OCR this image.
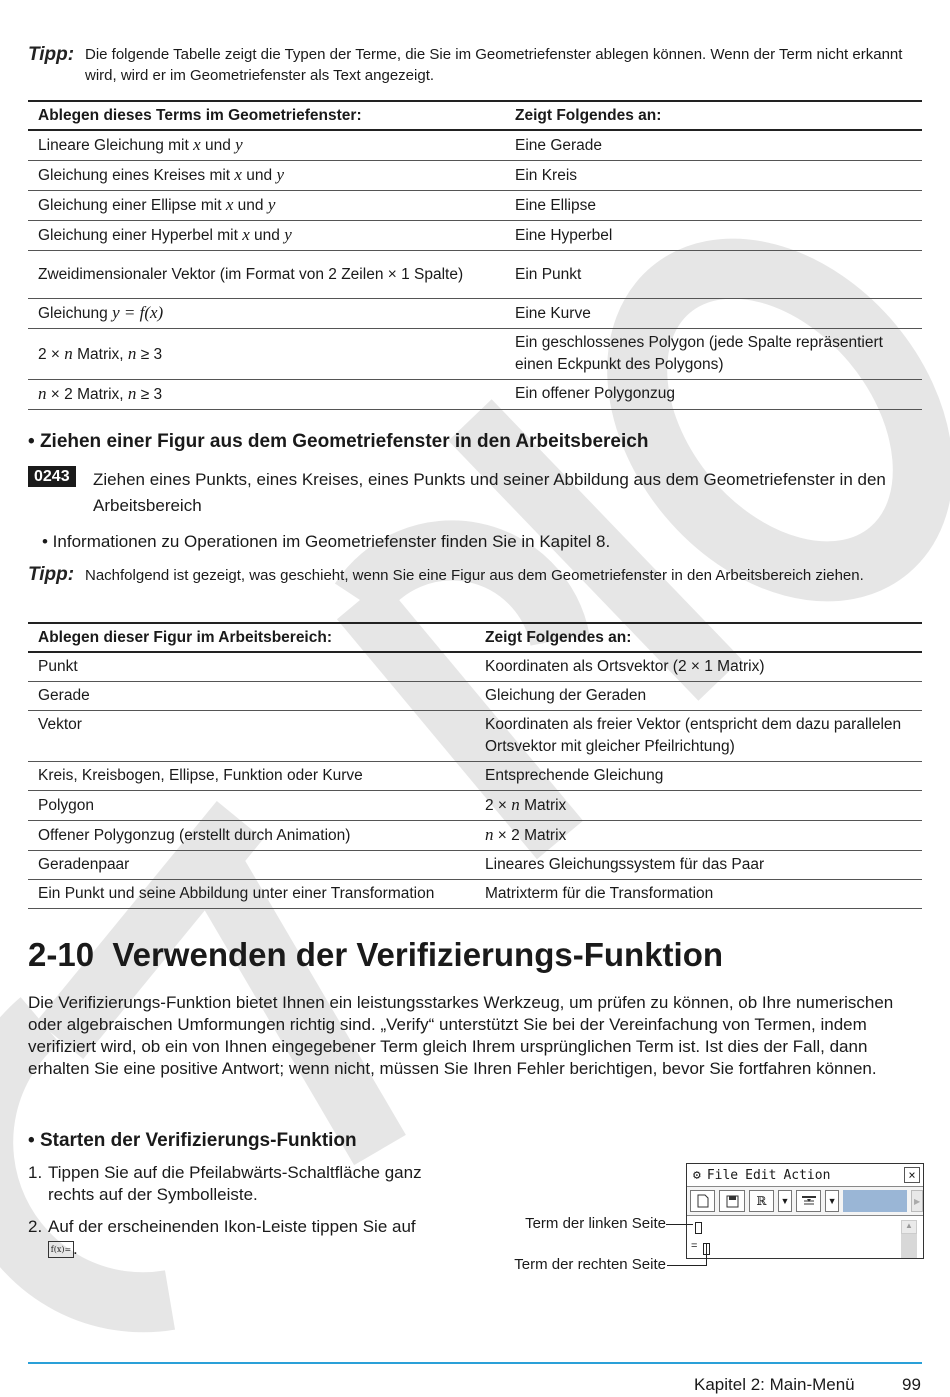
Tipp: Die folgende Tabelle zeigt die Typen der Terme, die Sie im Geometriefenster ablegen können. Wenn der Term nicht erkannt wird, wird er im Geometriefenster als Text angezeigt.
Ablegen dieses Terms im Geometriefenster:	Zeigt Folgendes an:
Lineare Gleichung mit x und y	Eine Gerade
Gleichung eines Kreises mit x und y	Ein Kreis
Gleichung einer Ellipse mit x und y	Eine Ellipse
Gleichung einer Hyperbel mit x und y	Eine Hyperbel
Zweidimensionaler Vektor (im Format von 2 Zeilen × 1 Spalte)	Ein Punkt
Gleichung y = f(x)	Eine Kurve
2 × n Matrix, n ≥ 3	Ein geschlossenes Polygon (jede Spalte repräsentiert einen Eckpunkt des Polygons)
n × 2 Matrix, n ≥ 3	Ein offener Polygonzug
• Ziehen einer Figur aus dem Geometriefenster in den Arbeitsbereich
0243	Ziehen eines Punkts, eines Kreises, eines Punkts und seiner Abbildung aus dem Geometriefenster in den Arbeitsbereich
• Informationen zu Operationen im Geometriefenster finden Sie in Kapitel 8.
Tipp: Nachfolgend ist gezeigt, was geschieht, wenn Sie eine Figur aus dem Geometriefenster in den Arbeitsbereich ziehen.
Ablegen dieser Figur im Arbeitsbereich:	Zeigt Folgendes an:
Punkt	Koordinaten als Ortsvektor (2 × 1 Matrix)
Gerade	Gleichung der Geraden
Vektor	Koordinaten als freier Vektor (entspricht dem dazu parallelen Ortsvektor mit gleicher Pfeilrichtung)
Kreis, Kreisbogen, Ellipse, Funktion oder Kurve	Entsprechende Gleichung
Polygon	2 × n Matrix
Offener Polygonzug (erstellt durch Animation)	n × 2 Matrix
Geradenpaar	Lineares Gleichungssystem für das Paar
Ein Punkt und seine Abbildung unter einer Transformation	Matrixterm für die Transformation
2-10 Verwenden der Verifizierungs-Funktion
Die Verifizierungs-Funktion bietet Ihnen ein leistungsstarkes Werkzeug, um prüfen zu können, ob Ihre numerischen oder algebraischen Umformungen richtig sind. „Verify“ unterstützt Sie bei der Vereinfachung von Termen, indem verifiziert wird, ob ein von Ihnen eingegebener Term gleich Ihrem ursprünglichen Term ist. Ist dies der Fall, dann erhalten Sie eine positive Antwort; wenn nicht, müssen Sie Ihren Fehler berichtigen, bevor Sie fortfahren können.
• Starten der Verifizierungs-Funktion
1. Tippen Sie auf die Pfeilabwärts-Schaltfläche ganz rechts auf der Symbolleiste.
2. Auf der erscheinenden Ikon-Leiste tippen Sie auf
f(x)= .
⚙ File Edit Action	×
ℝ	▼	▼	▶
=
▲
Term der linken Seite
Term der rechten Seite
Kapitel 2: Main-Menü	99
